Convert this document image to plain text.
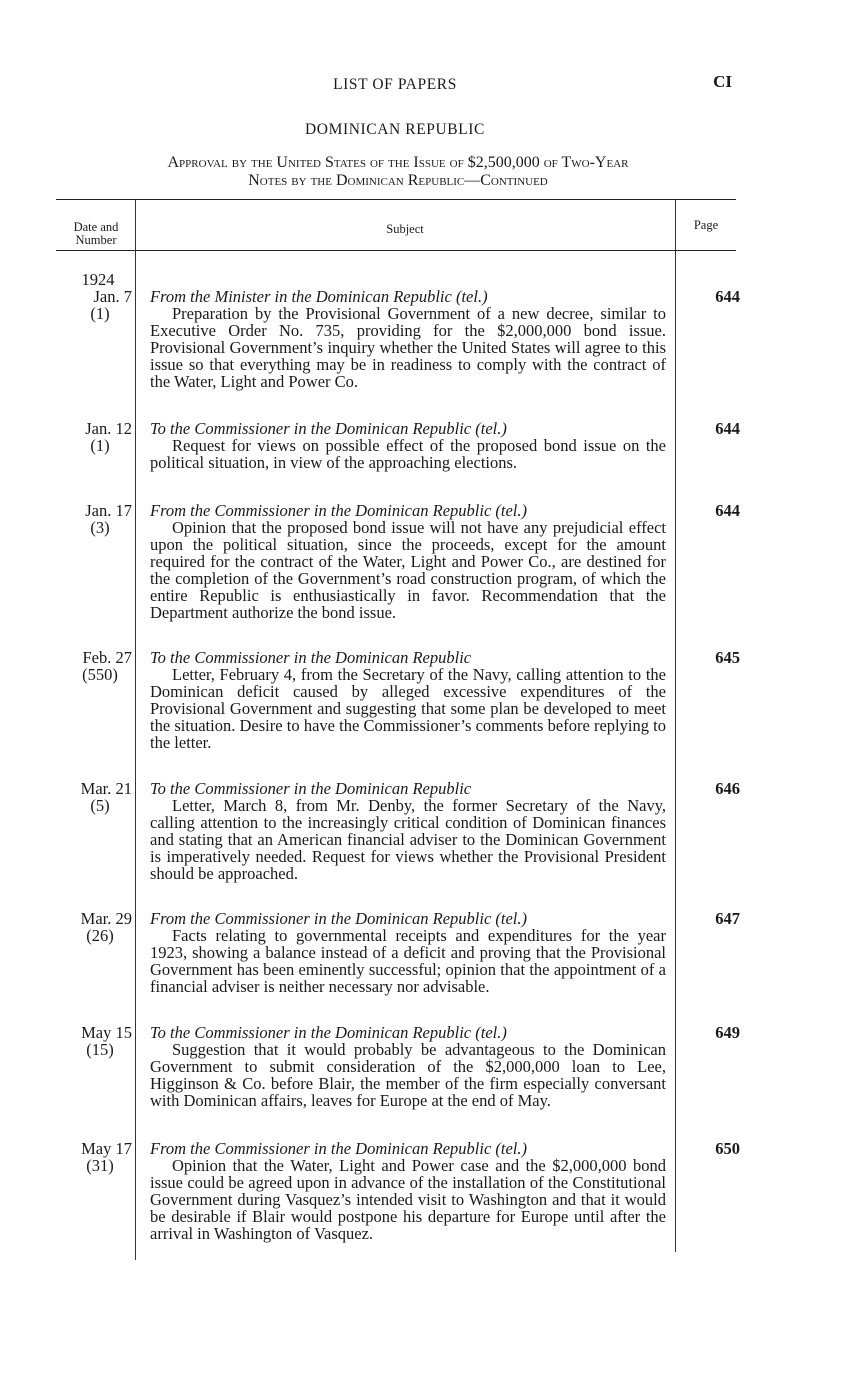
LIST OF PAPERS	CI
DOMINICAN REPUBLIC
Approval by the United States of the Issue of $2,500,000 of Two-Year
Notes by the Dominican Republic—Continued
Date and
Number
Subject	Page
1924
Jan. 7
(1)
From the Minister in the Dominican Republic (tel.)
Preparation by the Provisional Government of a new decree, similar to Executive Order No. 735, providing for the $2,000,000 bond issue. Provisional Government’s inquiry whether the United States will agree to this issue so that everything may be in readiness to comply with the contract of the Water, Light and Power Co.
644
Jan. 12
(1)
To the Commissioner in the Dominican Republic (tel.)
Request for views on possible effect of the proposed bond issue on the political situation, in view of the approaching elections.
644
Jan. 17
(3)
From the Commissioner in the Dominican Republic (tel.)
Opinion that the proposed bond issue will not have any prejudicial effect upon the political situation, since the proceeds, except for the amount required for the contract of the Water, Light and Power Co., are destined for the completion of the Government’s road construction program, of which the entire Republic is enthusiastically in favor. Recommendation that the Department authorize the bond issue.
644
Feb. 27
(550)
To the Commissioner in the Dominican Republic
Letter, February 4, from the Secretary of the Navy, calling attention to the Dominican deficit caused by alleged excessive expenditures of the Provisional Government and suggesting that some plan be developed to meet the situation. Desire to have the Commissioner’s comments before replying to the letter.
645
Mar. 21
(5)
To the Commissioner in the Dominican Republic
Letter, March 8, from Mr. Denby, the former Secretary of the Navy, calling attention to the increasingly critical condition of Dominican finances and stating that an American financial adviser to the Dominican Government is imperatively needed. Request for views whether the Provisional President should be approached.
646
Mar. 29
(26)
From the Commissioner in the Dominican Republic (tel.)
Facts relating to governmental receipts and expenditures for the year 1923, showing a balance instead of a deficit and proving that the Provisional Government has been eminently successful; opinion that the appointment of a financial adviser is neither necessary nor advisable.
647
May 15
(15)
To the Commissioner in the Dominican Republic (tel.)
Suggestion that it would probably be advantageous to the Dominican Government to submit consideration of the $2,000,000 loan to Lee, Higginson & Co. before Blair, the member of the firm especially conversant with Dominican affairs, leaves for Europe at the end of May.
649
May 17
(31)
From the Commissioner in the Dominican Republic (tel.)
Opinion that the Water, Light and Power case and the $2,000,000 bond issue could be agreed upon in advance of the installation of the Constitutional Government during Vasquez’s intended visit to Washington and that it would be desirable if Blair would postpone his departure for Europe until after the arrival in Washington of Vasquez.
650
